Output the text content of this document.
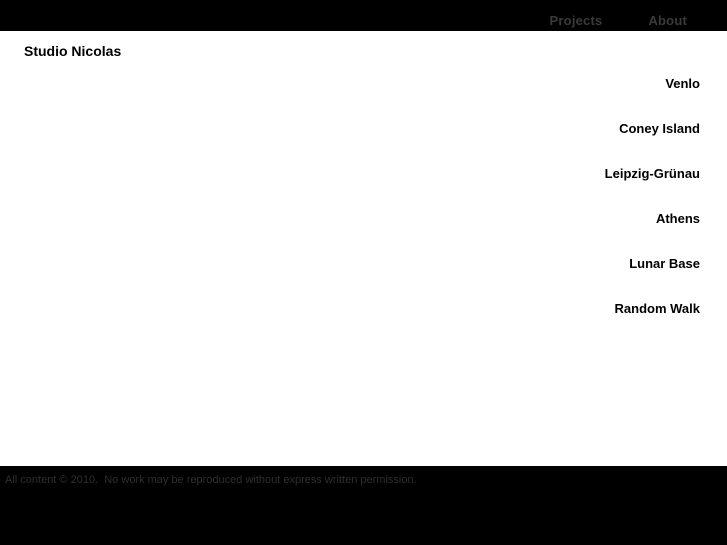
Projects	About
Studio Nicolas
Venlo
Coney Island
Leipzig-Grünau
Athens
Lunar Base
Random Walk
All content © 2010.  No work may be reproduced without express written permission.
